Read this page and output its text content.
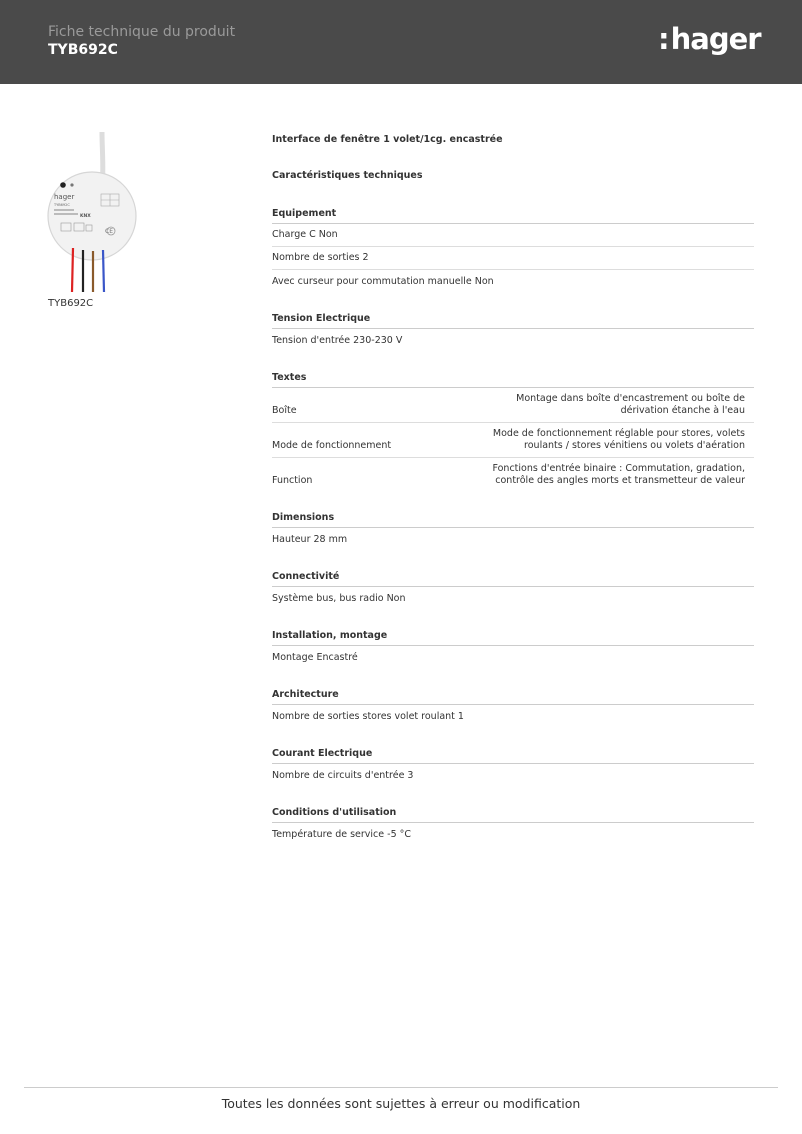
Fiche technique du produit
TYB692C	:hager
hager
TYB692C
KNX
CE
TYB692C
Interface de fenêtre 1 volet/1cg. encastrée
Caractéristiques techniques
Equipement
Charge C Non
Nombre de sorties 2
Avec curseur pour commutation manuelle Non
Tension Electrique
Tension d'entrée 230-230 V
Textes
Boîte
Montage dans boîte d'encastrement ou boîte de dérivation étanche à l'eau
Mode de fonctionnement
Mode de fonctionnement réglable pour stores, volets roulants / stores vénitiens ou volets d'aération
Function
Fonctions d'entrée binaire : Commutation, gradation, contrôle des angles morts et transmetteur de valeur
Dimensions
Hauteur 28 mm
Connectivité
Système bus, bus radio Non
Installation, montage
Montage Encastré
Architecture
Nombre de sorties stores volet roulant 1
Courant Electrique
Nombre de circuits d'entrée 3
Conditions d'utilisation
Température de service -5 °C
Toutes les données sont sujettes à erreur ou modification
